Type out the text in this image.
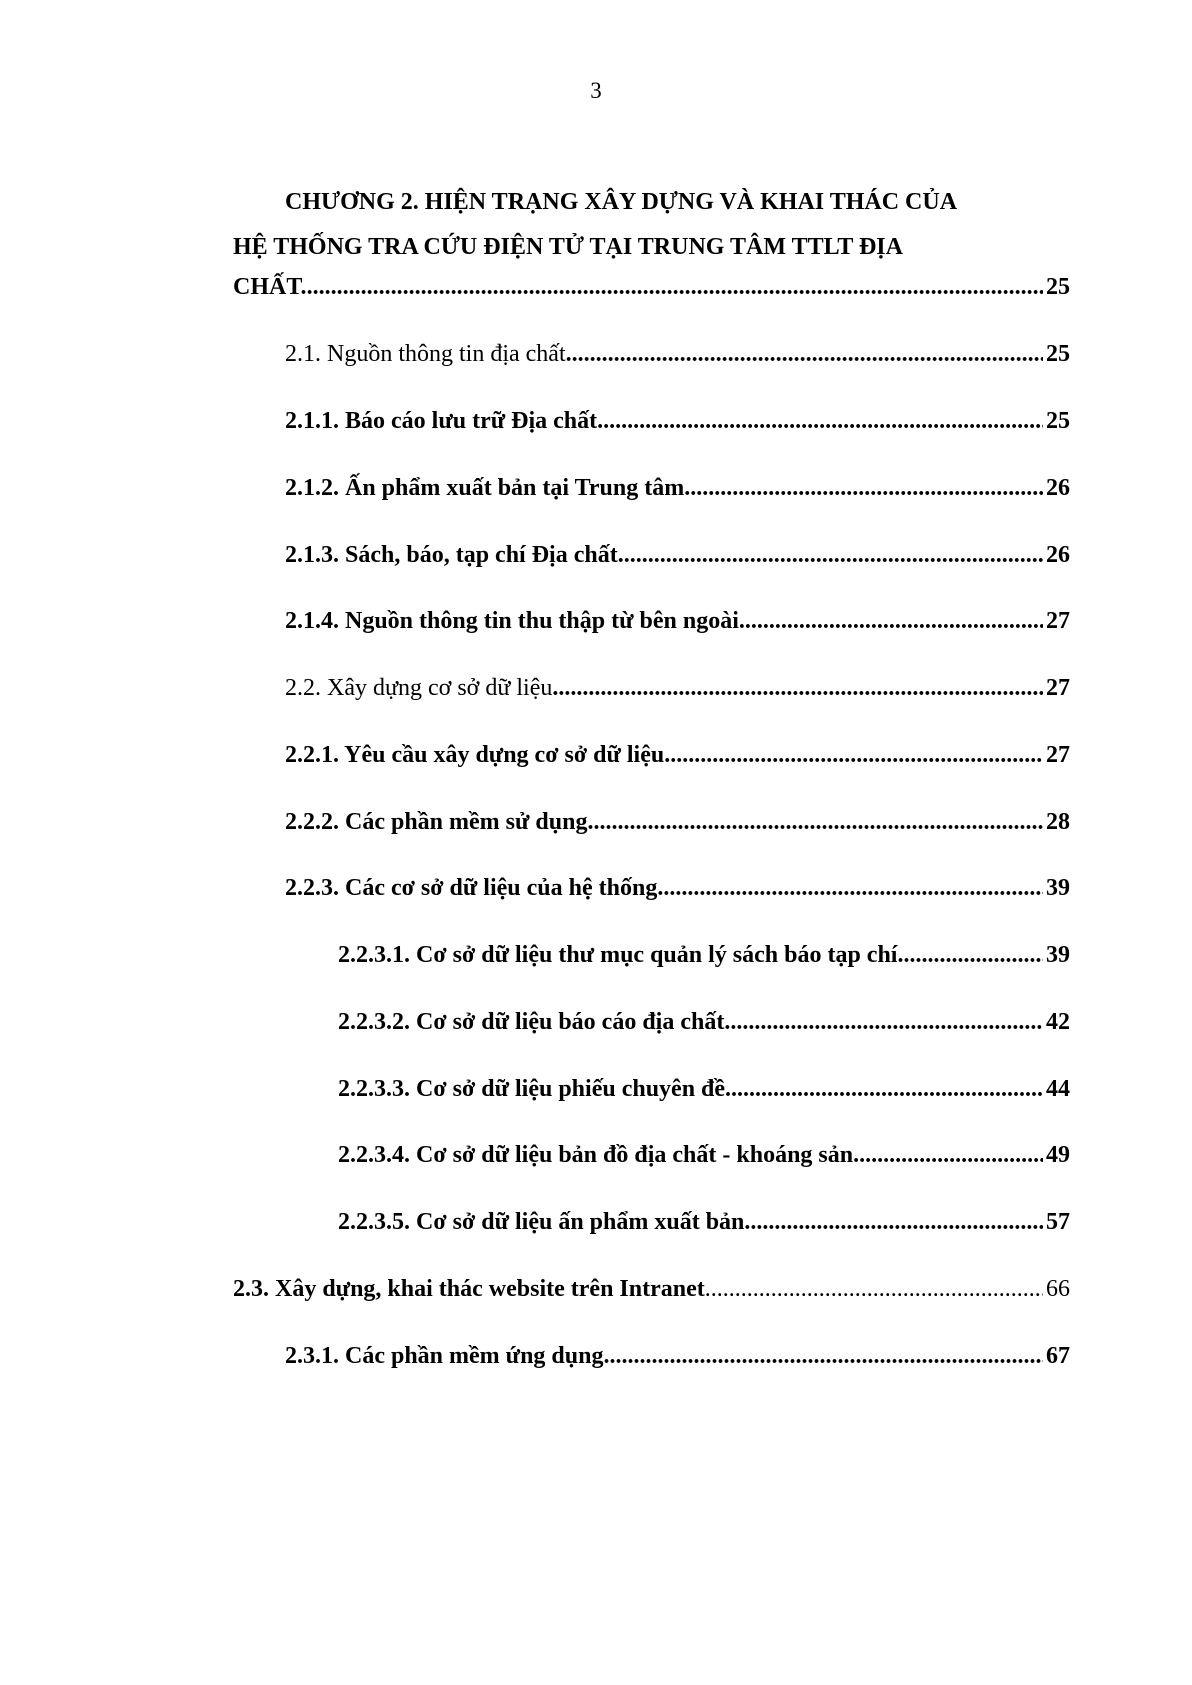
3
CHƯƠNG 2. HIỆN TRẠNG XÂY DỰNG VÀ KHAI THÁC CỦA
HỆ THỐNG TRA CỨU ĐIỆN TỬ TẠI TRUNG TÂM TTLT ĐỊA
CHẤT. .....	25
2.1. Nguồn thông tin địa chất .....	25
2.1.1. Báo cáo lưu trữ Địa chất .....	25
2.1.2. Ấn phẩm xuất bản tại Trung tâm .....	26
2.1.3. Sách, báo, tạp chí Địa chất .....	26
2.1.4. Nguồn thông tin thu thập từ bên ngoài. .....	27
2.2. Xây dựng cơ sở dữ liệu .....	27
2.2.1. Yêu cầu xây dựng cơ sở dữ liệu .....	27
2.2.2. Các phần mềm sử dụng. .....	28
2.2.3. Các cơ sở dữ liệu của hệ thống. .....	39
2.2.3.1. Cơ sở dữ liệu thư mục quản lý sách báo tạp chí .....	39
2.2.3.2. Cơ sở dữ liệu báo cáo địa chất .....	42
2.2.3.3. Cơ sở dữ liệu phiếu chuyên đề .....	44
2.2.3.4. Cơ sở dữ liệu bản đồ địa chất - khoáng sản .....	49
2.2.3.5. Cơ sở dữ liệu ấn phẩm xuất bản .....	57
2.3. Xây dựng, khai thác website trên Intranet .....	66
2.3.1. Các phần mềm ứng dụng .....	67
